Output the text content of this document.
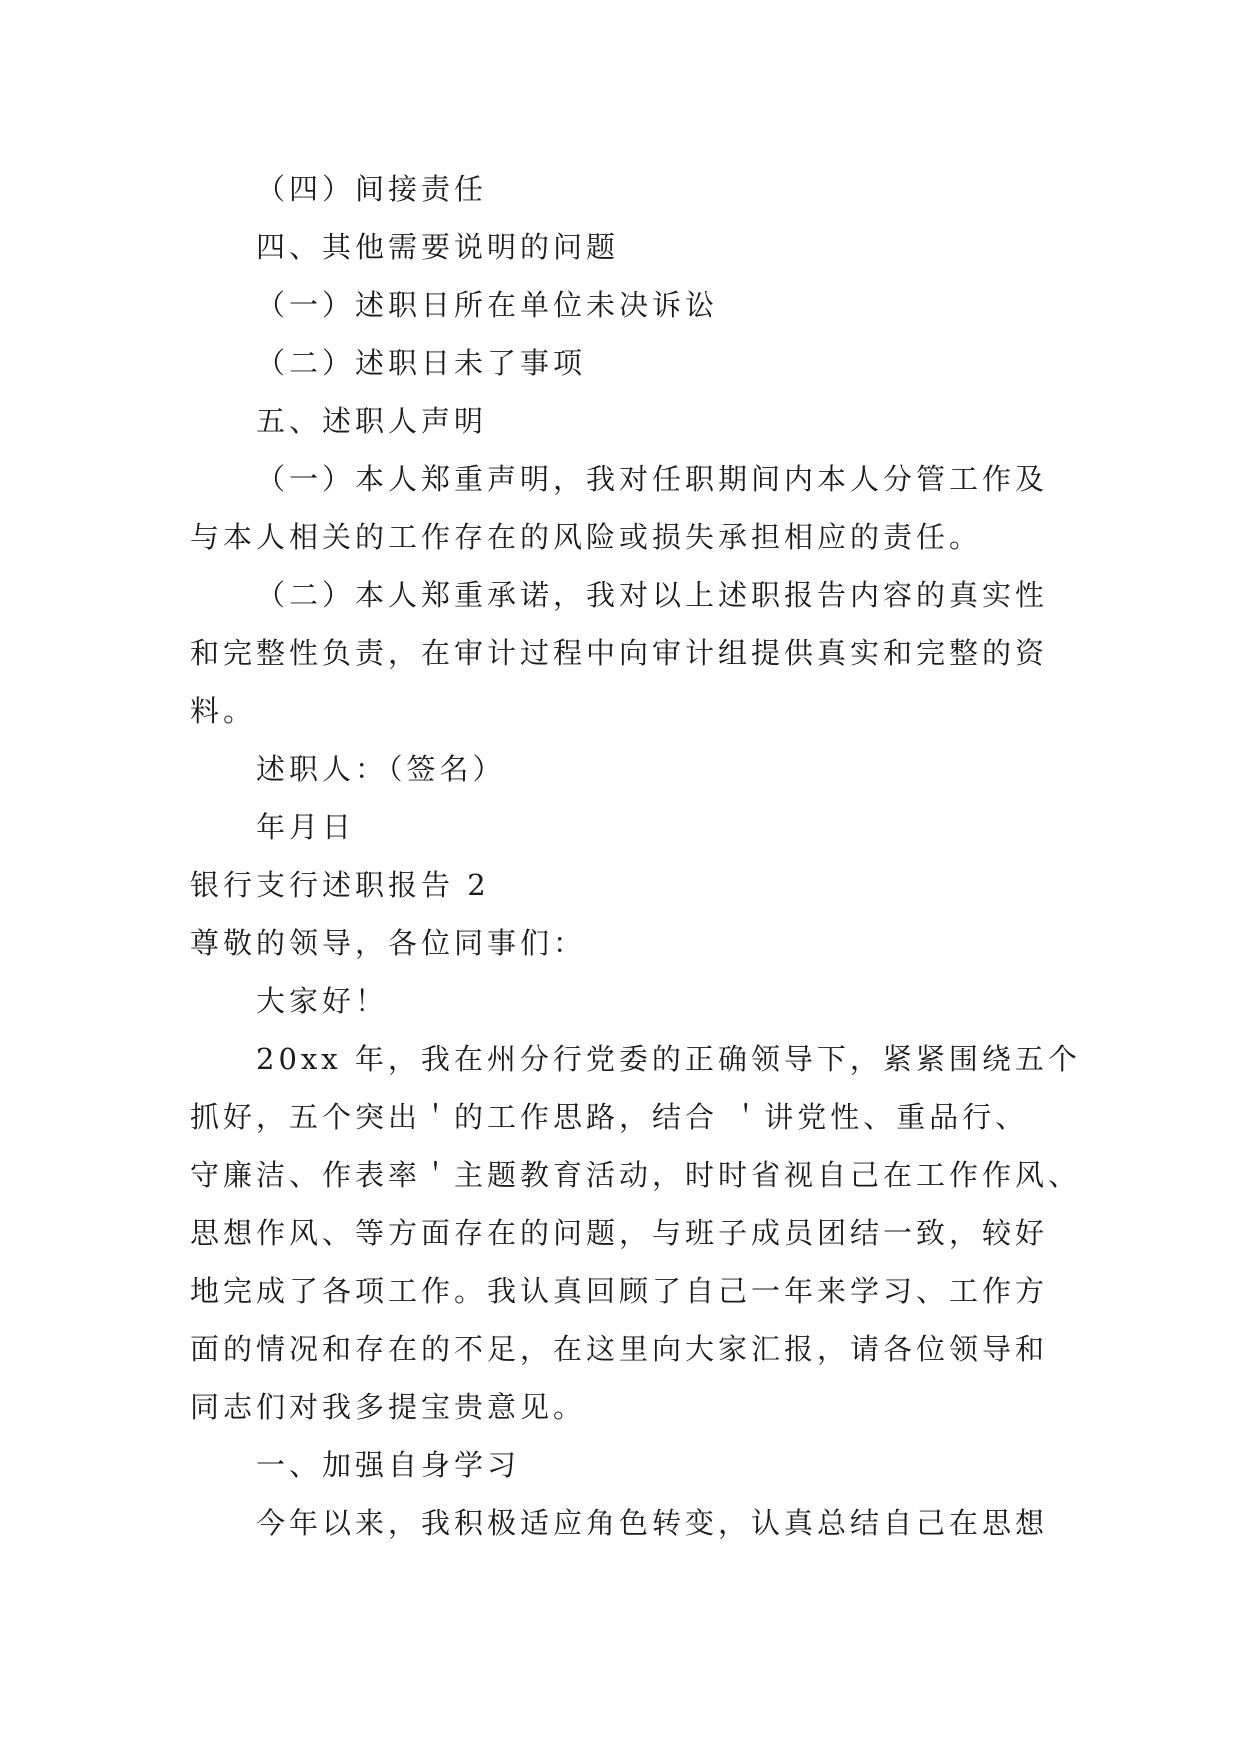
（四）间接责任
四、其他需要说明的问题
（一）述职日所在单位未决诉讼
（二）述职日未了事项
五、述职人声明
（一）本人郑重声明，我对任职期间内本人分管工作及
与本人相关的工作存在的风险或损失承担相应的责任。
（二）本人郑重承诺，我对以上述职报告内容的真实性
和完整性负责，在审计过程中向审计组提供真实和完整的资
料。
述职人：（签名）
年月日
银行支行述职报告 2
尊敬的领导，各位同事们：
大家好！
20xx 年，我在州分行党委的正确领导下，紧紧围绕五个
抓好，五个突出＇的工作思路，结合 ＇讲党性、重品行、
守廉洁、作表率＇主题教育活动，时时省视自己在工作作风、
思想作风、等方面存在的问题，与班子成员团结一致，较好
地完成了各项工作。我认真回顾了自己一年来学习、工作方
面的情况和存在的不足，在这里向大家汇报，请各位领导和
同志们对我多提宝贵意见。
一、加强自身学习
今年以来，我积极适应角色转变，认真总结自己在思想
